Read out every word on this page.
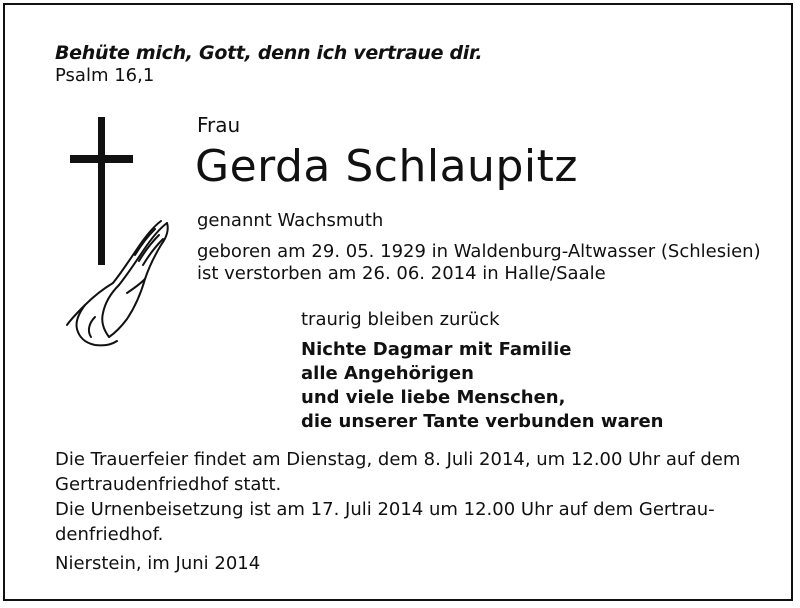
Behüte mich, Gott, denn ich vertraue dir.

Psalm 16,1

Frau

Gerda Schlaupitz

genannt Wachsmuth

geboren am 29. 05. 1929 in Waldenburg-Altwasser (Schlesien)

ist verstorben am 26. 06. 2014 in Halle/Saale

traurig bleiben zurück

Nichte Dagmar mit Familie
alle Angehörigen
und viele liebe Menschen,
die unserer Tante verbunden waren

Die Trauerfeier findet am Dienstag, dem 8. Juli 2014, um 12.00 Uhr auf dem

Gertraudenfriedhof statt.

Die Urnenbeisetzung ist am 17. Juli 2014 um 12.00 Uhr auf dem Gertrau-

denfriedhof.

Nierstein, im Juni 2014
